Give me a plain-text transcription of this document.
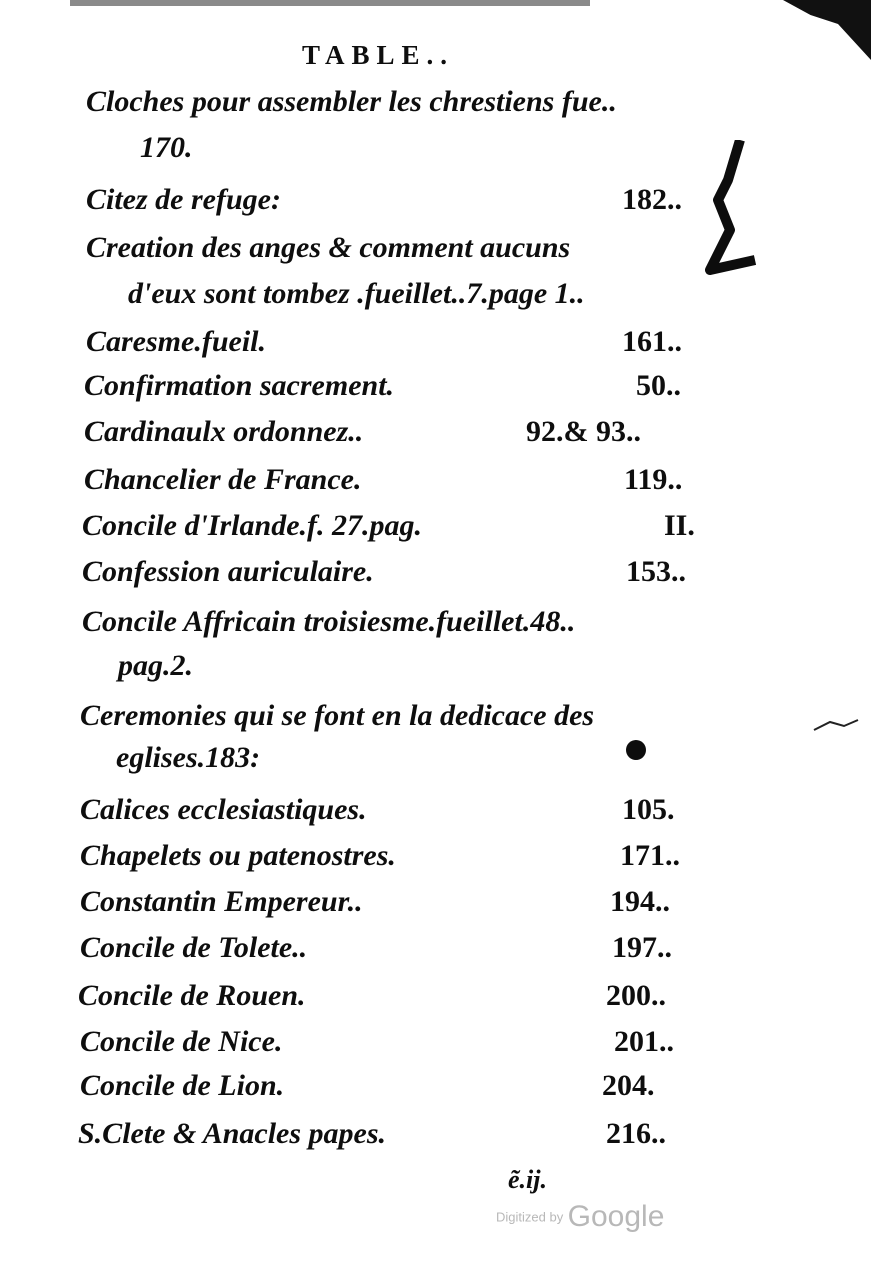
TABLE..
Cloches pour assembler les chrestiens fue..
170.
Citez de refuge:	182..
Creation des anges & comment aucuns
d'eux sont tombez .fueillet..7.page 1..
Caresme.fueil.	161..
Confirmation sacrement.	50..
Cardinaulx ordonnez..	92.& 93..
Chancelier de France.	119..
Concile d'Irlande.f. 27.pag.	II.
Confession auriculaire.	153..
Concile Affricain troisiesme.fueillet.48..
pag.2.
Ceremonies qui se font en la dedicace des
eglises.183:
Calices ecclesiastiques.	105.
Chapelets ou patenostres.	171..
Constantin Empereur..	194..
Concile de Tolete..	197..
Concile de Rouen.	200..
Concile de Nice.	201..
Concile de Lion.	204.
S.Clete & Anacles papes.	216..
ẽ.ij.
Digitized by Google
